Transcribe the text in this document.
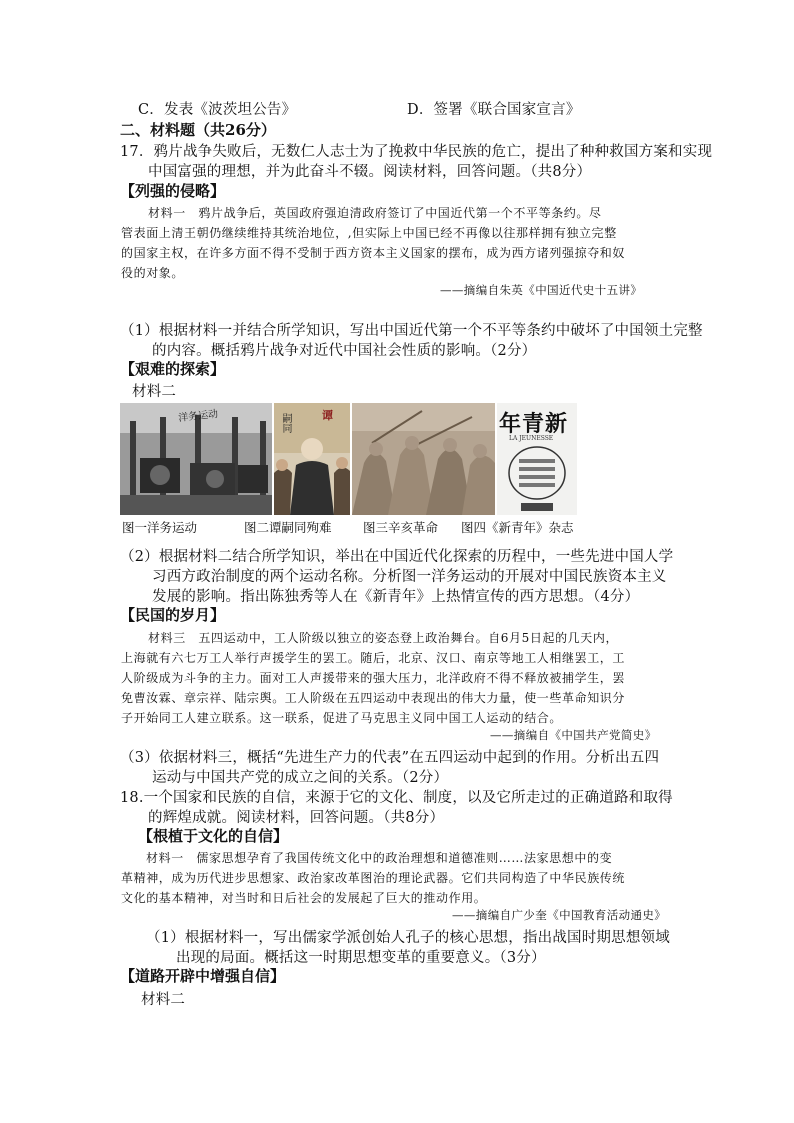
C．发表《波茨坦公告》	D．签署《联合国家宣言》
二、材料题（共26分）
17．鸦片战争失败后，无数仁人志士为了挽救中华民族的危亡，提出了种种救国方案和实现
中国富强的理想，并为此奋斗不辍。阅读材料，回答问题。（共8分）
【列强的侵略】
材料一　鸦片战争后，英国政府强迫清政府签订了中国近代第一个不平等条约。尽
管表面上清王朝仍继续维持其统治地位，,但实际上中国已经不再像以往那样拥有独立完整
的国家主权，在许多方面不得不受制于西方资本主义国家的摆布，成为西方诸列强掠夺和奴
役的对象。
——摘编自朱英《中国近代史十五讲》
（1）根据材料一并结合所学知识，写出中国近代第一个不平等条约中破坏了中国领土完整
的内容。概括鸦片战争对近代中国社会性质的影响。（2分）
【艰难的探索】
材料二
洋务运动	谭
嗣同	年青新
LA JEUNESSE
图一洋务运动	图二谭嗣同殉难	图三辛亥革命 图四《新青年》杂志
（2）根据材料二结合所学知识，举出在中国近代化探索的历程中，一些先进中国人学
习西方政治制度的两个运动名称。分析图一洋务运动的开展对中国民族资本主义
发展的影响。指出陈独秀等人在《新青年》上热情宣传的西方思想。（4分）
【民国的岁月】
材料三　五四运动中，工人阶级以独立的姿态登上政治舞台。自6月5日起的几天内，
上海就有六七万工人举行声援学生的罢工。随后，北京、汉口、南京等地工人相继罢工，工
人阶级成为斗争的主力。面对工人声援带来的强大压力，北洋政府不得不释放被捕学生，罢
免曹汝霖、章宗祥、陆宗舆。工人阶级在五四运动中表现出的伟大力量，使一些革命知识分
子开始同工人建立联系。这一联系，促进了马克思主义同中国工人运动的结合。
——摘编自《中国共产党简史》
（3）依据材料三，概括“先进生产力的代表”在五四运动中起到的作用。分析出五四
运动与中国共产党的成立之间的关系。（2分）
18.一个国家和民族的自信，来源于它的文化、制度，以及它所走过的正确道路和取得
的辉煌成就。阅读材料，回答问题。（共8分）
【根植于文化的自信】
材料一　儒家思想孕育了我国传统文化中的政治理想和道德准则……法家思想中的变
革精神，成为历代进步思想家、政治家改革图治的理论武器。它们共同构造了中华民族传统
文化的基本精神，对当时和日后社会的发展起了巨大的推动作用。
——摘编自广少奎《中国教育活动通史》
（1）根据材料一，写出儒家学派创始人孔子的核心思想，指出战国时期思想领域
出现的局面。概括这一时期思想变革的重要意义。（3分）
【道路开辟中增强自信】
材料二
